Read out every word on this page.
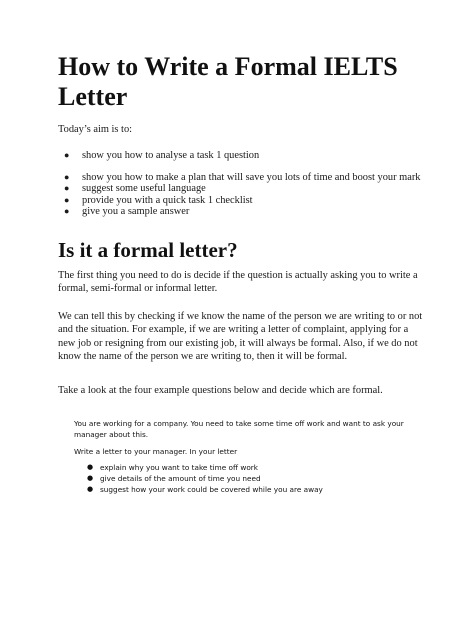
How to Write a Formal IELTS Letter

Today’s aim is to:

● show you how to analyse a task 1 question
● show you how to make a plan that will save you lots of time and boost your mark
● suggest some useful language
● provide you with a quick task 1 checklist
● give you a sample answer
Is it a formal letter?

The first thing you need to do is decide if the question is actually asking you to write a formal, semi-formal or informal letter.

We can tell this by checking if we know the name of the person we are writing to or not and the situation. For example, if we are writing a letter of complaint, applying for a new job or resigning from our existing job, it will always be formal. Also, if we do not know the name of the person we are writing to, then it will be formal.

Take a look at the four example questions below and decide which are formal.

You are working for a company. You need to take some time off work and want to ask your manager about this.

Write a letter to your manager. In your letter

● explain why you want to take time off work
● give details of the amount of time you need
● suggest how your work could be covered while you are away
